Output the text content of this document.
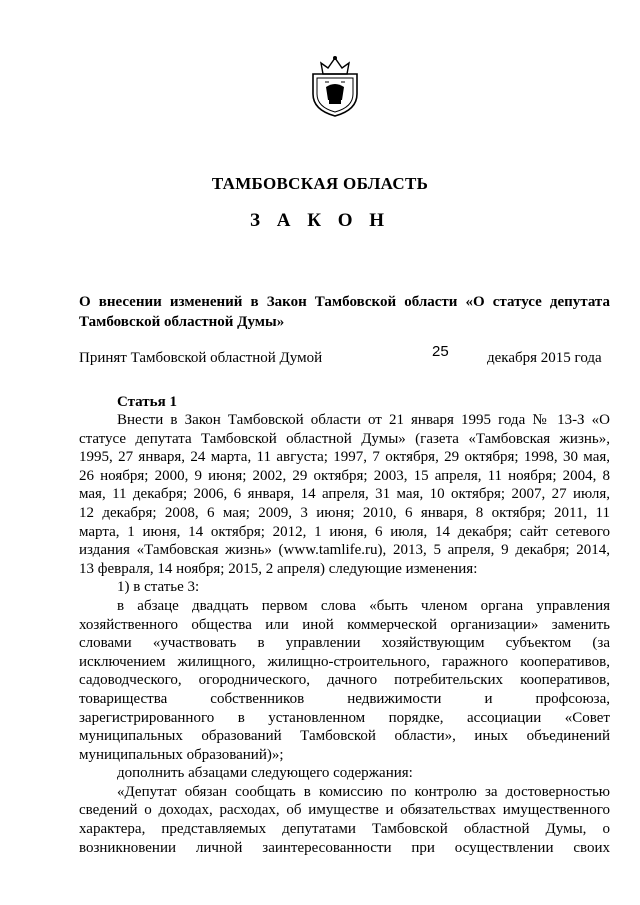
ТАМБОВСКАЯ ОБЛАСТЬ
З А К О Н
О внесении изменений в Закон Тамбовской области «О статусе депутата
Тамбовской областной Думы»
Принят Тамбовской областной Думой	25	декабря 2015 года
Статья 1
Внести в Закон Тамбовской области от 21 января 1995 года № 13-З «О
статусе депутата Тамбовской областной Думы» (газета «Тамбовская жизнь»,
1995, 27 января, 24 марта, 11 августа; 1997, 7 октября, 29 октября; 1998, 30 мая,
26 ноября; 2000, 9 июня; 2002, 29 октября; 2003, 15 апреля, 11 ноября; 2004, 8
мая, 11 декабря; 2006, 6 января, 14 апреля, 31 мая, 10 октября; 2007, 27 июля,
12 декабря; 2008, 6 мая; 2009, 3 июня; 2010, 6 января, 8 октября; 2011, 11
марта, 1 июня, 14 октября; 2012, 1 июня, 6 июля, 14 декабря; сайт сетевого
издания «Тамбовская жизнь» (www.tamlife.ru), 2013, 5 апреля, 9 декабря; 2014,
13 февраля, 14 ноября; 2015, 2 апреля) следующие изменения:
1) в статье 3:
в абзаце двадцать первом слова «быть членом органа управления
хозяйственного общества или иной коммерческой организации» заменить
словами «участвовать в управлении хозяйствующим субъектом (за
исключением жилищного, жилищно-строительного, гаражного кооперативов,
садоводческого, огороднического, дачного потребительских кооперативов,
товарищества собственников недвижимости и профсоюза,
зарегистрированного в установленном порядке, ассоциации «Совет
муниципальных образований Тамбовской области», иных объединений
муниципальных образований)»;
дополнить абзацами следующего содержания:
«Депутат обязан сообщать в комиссию по контролю за достоверностью
сведений о доходах, расходах, об имуществе и обязательствах имущественного
характера, представляемых депутатами Тамбовской областной Думы, о
возникновении личной заинтересованности при осуществлении своих
